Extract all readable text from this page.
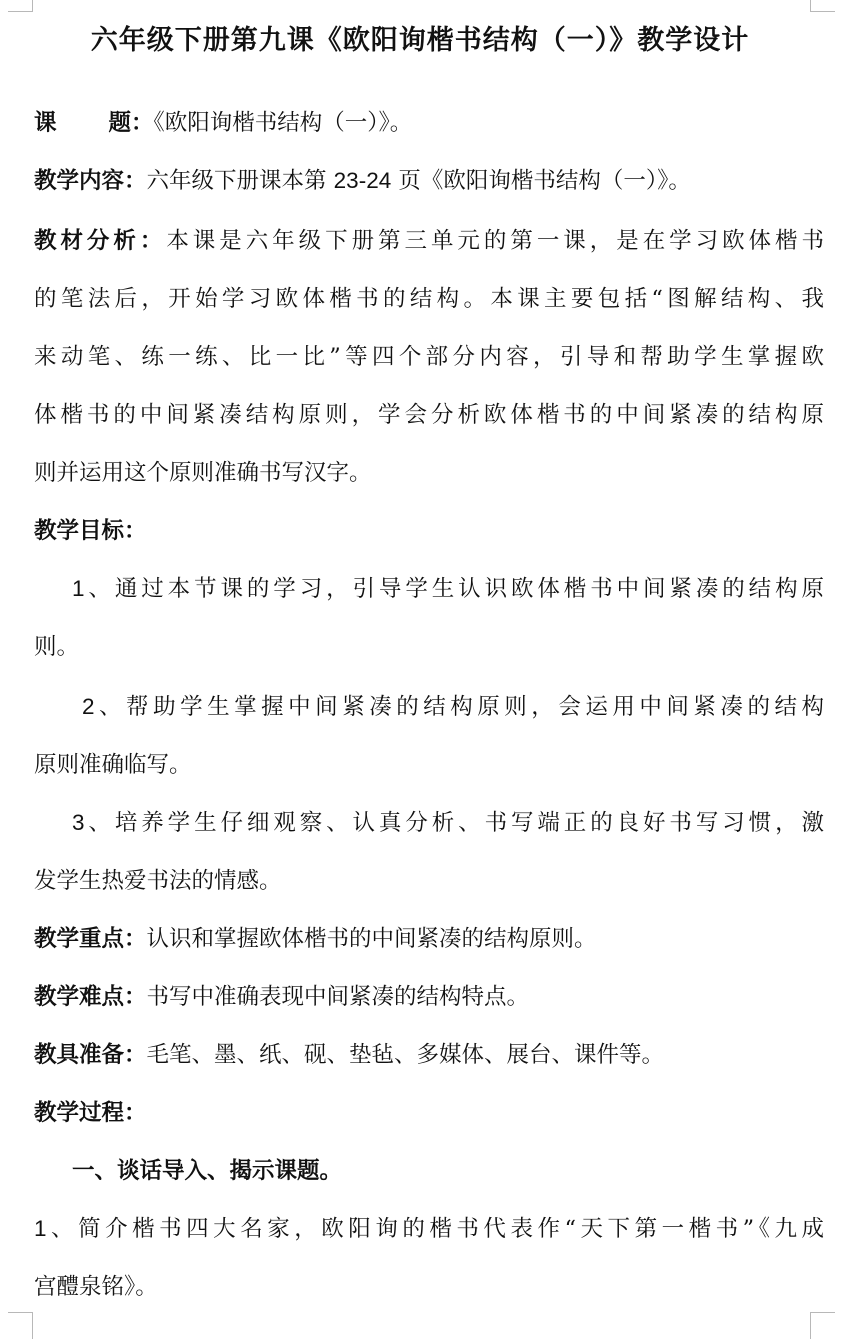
六年级下册第九课《欧阳询楷书结构（一）》教学设计
课 题：《欧阳询楷书结构（一）》。
教学内容：六年级下册课本第 23-24 页《欧阳询楷书结构（一）》。
教材分析：本课是六年级下册第三单元的第一课，是在学习欧体楷书
的笔法后，开始学习欧体楷书的结构。本课主要包括“图解结构、我
来动笔、练一练、比一比”等四个部分内容，引导和帮助学生掌握欧
体楷书的中间紧凑结构原则，学会分析欧体楷书的中间紧凑的结构原
则并运用这个原则准确书写汉字。
教学目标：
1、通过本节课的学习，引导学生认识欧体楷书中间紧凑的结构原
则。
2、帮助学生掌握中间紧凑的结构原则，会运用中间紧凑的结构
原则准确临写。
3、培养学生仔细观察、认真分析、书写端正的良好书写习惯，激
发学生热爱书法的情感。
教学重点：认识和掌握欧体楷书的中间紧凑的结构原则。
教学难点：书写中准确表现中间紧凑的结构特点。
教具准备：毛笔、墨、纸、砚、垫毡、多媒体、展台、课件等。
教学过程：
一、谈话导入、揭示课题。
1、简介楷书四大名家，欧阳询的楷书代表作“天下第一楷书”《九成
宫醴泉铭》。
